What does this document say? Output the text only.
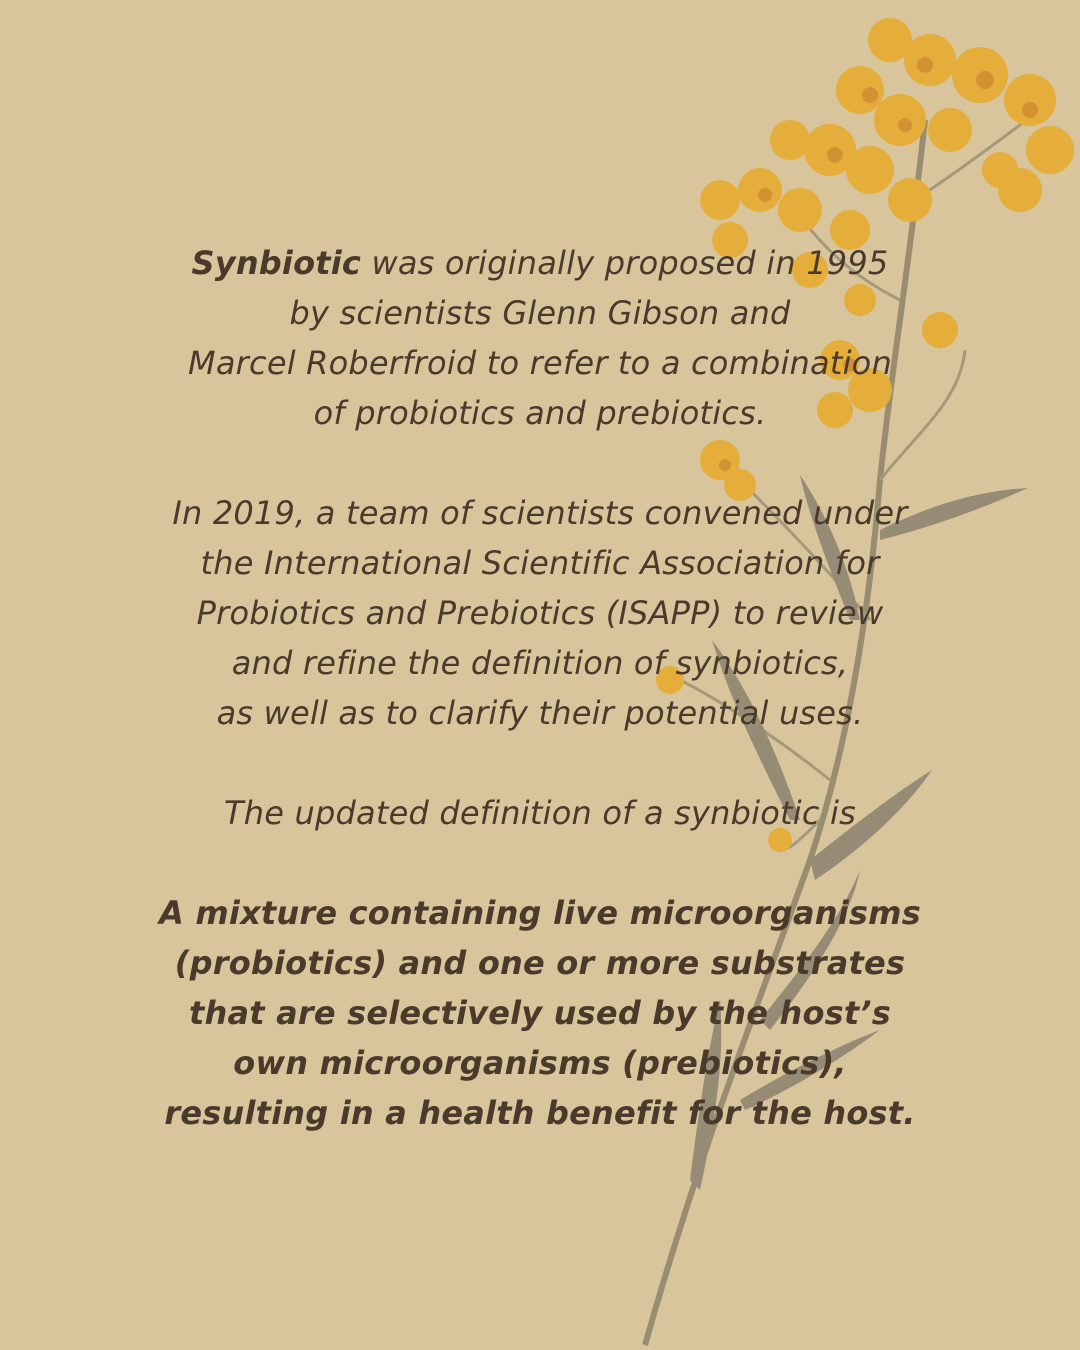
Synbiotic was originally proposed in 1995
by scientists Glenn Gibson and
Marcel Roberfroid to refer to a combination
of probiotics and prebiotics.

In 2019, a team of scientists convened under
the International Scientific Association for
Probiotics and Prebiotics (ISAPP) to review
and refine the definition of synbiotics,
as well as to clarify their potential uses.

The updated definition of a synbiotic is

A mixture containing live microorganisms
(probiotics) and one or more substrates
that are selectively used by the host’s
own microorganisms (prebiotics),
resulting in a health benefit for the host.
